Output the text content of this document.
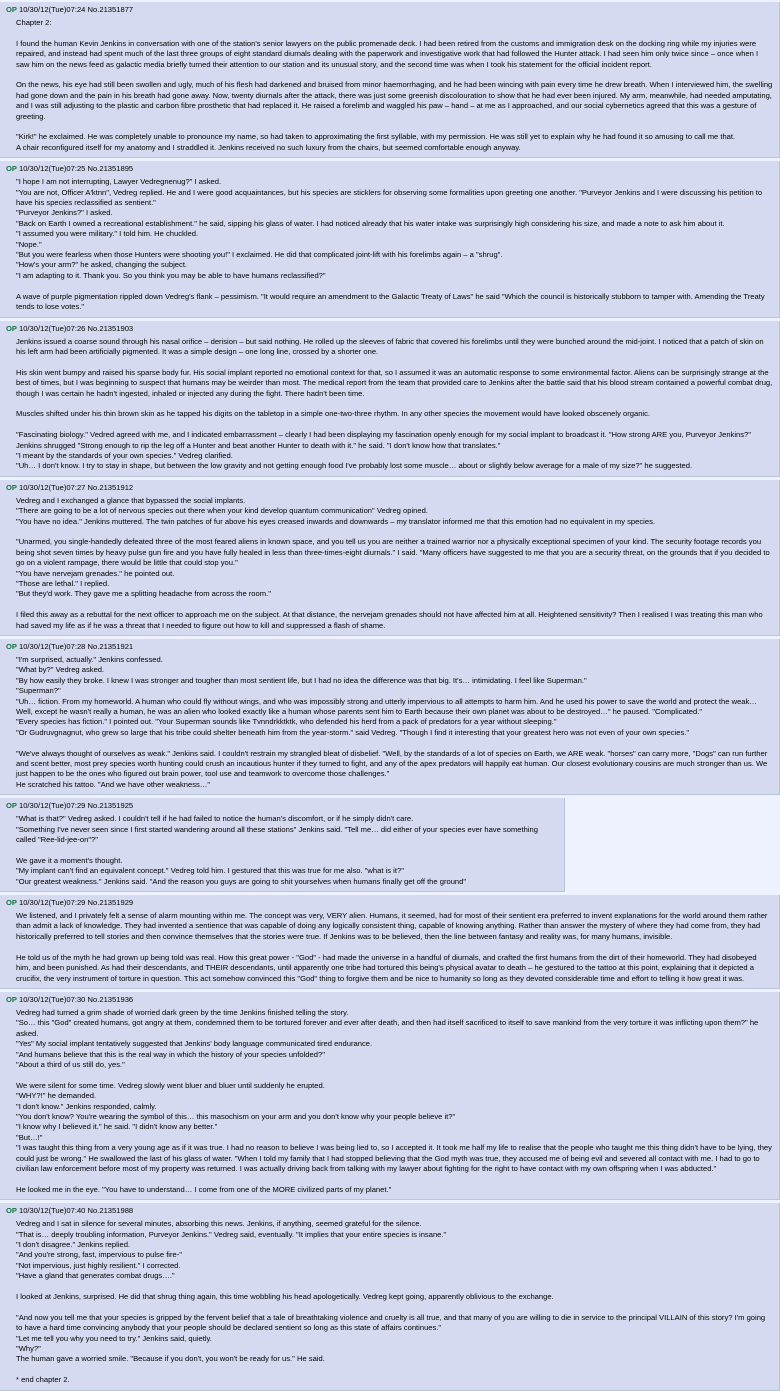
OP 10/30/12(Tue)07:24 No.21351877
Chapter 2:
I found the human Kevin Jenkins in conversation with one of the station's senior lawyers on the public promenade deck. I had been retired from the customs and immigration desk on the docking ring while my injuries were repaired, and instead had spent much of the last three groups of eight standard diurnals dealing with the paperwork and investigative work that had followed the Hunter attack. I had seen him only twice since – once when I saw him on the news feed as galactic media briefly turned their attention to our station and its unusual story, and the second time was when I took his statement for the official incident report.
On the news, his eye had still been swollen and ugly, much of his flesh had darkened and bruised from minor haemorrhaging, and he had been wincing with pain every time he drew breath. When I interviewed him, the swelling had gone down and the pain in his breath had gone away. Now, twenty diurnals after the attack, there was just some greenish discolouration to show that he had ever been injured. My arm, meanwhile, had needed amputating, and I was still adjusting to the plastic and carbon fibre prosthetic that had replaced it. He raised a forelimb and waggled his paw – hand – at me as I approached, and our social cybernetics agreed that this was a gesture of greeting.
"Kirk!" he exclaimed. He was completely unable to pronounce my name, so had taken to approximating the first syllable, with my permission. He was still yet to explain why he had found it so amusing to call me that.
A chair reconfigured itself for my anatomy and I straddled it. Jenkins received no such luxury from the chairs, but seemed comfortable enough anyway.
OP 10/30/12(Tue)07:25 No.21351895
"I hope I am not interrupting, Lawyer Vedregnenug?" I asked.
"You are not, Officer A'ktnn", Vedreg replied. He and I were good acquaintances, but his species are sticklers for observing some formalities upon greeting one another. "Purveyor Jenkins and I were discussing his petition to have his species reclassified as sentient."
"Purveyor Jenkins?" I asked.
"Back on Earth I owned a recreational establishment." he said, sipping his glass of water. I had noticed already that his water intake was surprisingly high considering his size, and made a note to ask him about it.
"I assumed you were military." I told him. He chuckled.
"Nope."
"But you were fearless when those Hunters were shooting you!" I exclaimed. He did that complicated joint-lift with his forelimbs again – a "shrug".
"How's your arm?" he asked, changing the subject.
"I am adapting to it. Thank you. So you think you may be able to have humans reclassified?"
A wave of purple pigmentation rippled down Vedreg's flank – pessimism. "It would require an amendment to the Galactic Treaty of Laws" he said "Which the council is historically stubborn to tamper with. Amending the Treaty tends to lose votes."
OP 10/30/12(Tue)07:26 No.21351903
Jenkins issued a coarse sound through his nasal orifice – derision – but said nothing. He rolled up the sleeves of fabric that covered his forelimbs until they were bunched around the mid-joint. I noticed that a patch of skin on his left arm had been artificially pigmented. It was a simple design – one long line, crossed by a shorter one.
His skin went bumpy and raised his sparse body fur. His social implant reported no emotional context for that, so I assumed it was an automatic response to some environmental factor. Aliens can be surprisingly strange at the best of times, but I was beginning to suspect that humans may be weirder than most. The medical report from the team that provided care to Jenkins after the battle said that his blood stream contained a powerful combat drug, though I was certain he hadn't ingested, inhaled or injected any during the fight. There hadn't been time.
Muscles shifted under his thin brown skin as he tapped his digits on the tabletop in a simple one-two-three rhythm. In any other species the movement would have looked obscenely organic.
"Fascinating biology." Vedred agreed with me, and I indicated embarrassment – clearly I had been displaying my fascination openly enough for my social implant to broadcast it. "How strong ARE you, Purveyor Jenkins?"
Jenkins shrugged "Strong enough to rip the leg off a Hunter and beat another Hunter to death with it." he said. "I don't know how that translates."
"I meant by the standards of your own species." Vedreg clarified.
"Uh… I don't know. I try to stay in shape, but between the low gravity and not getting enough food I've probably lost some muscle… about or slightly below average for a male of my size?" he suggested.
OP 10/30/12(Tue)07:27 No.21351912
Vedreg and I exchanged a glance that bypassed the social implants.
"There are going to be a lot of nervous species out there when your kind develop quantum communication" Vedreg opined.
"You have no idea." Jenkins muttered. The twin patches of fur above his eyes creased inwards and downwards – my translator informed me that this emotion had no equivalent in my species.
"Unarmed, you single-handedly defeated three of the most feared aliens in known space, and you tell us you are neither a trained warrior nor a physically exceptional specimen of your kind. The security footage records you being shot seven times by heavy pulse gun fire and you have fully healed in less than three-times-eight diurnals." I said. "Many officers have suggested to me that you are a security threat, on the grounds that if you decided to go on a violent rampage, there would be little that could stop you."
"You have nervejam grenades." he pointed out.
"Those are lethal." I replied.
"But they'd work. They gave me a splitting headache from across the room."
I filed this away as a rebuttal for the next officer to approach me on the subject. At that distance, the nervejam grenades should not have affected him at all. Heightened sensitivity? Then I realised I was treating this man who had saved my life as if he was a threat that I needed to figure out how to kill and suppressed a flash of shame.
OP 10/30/12(Tue)07:28 No.21351921
"I'm surprised, actually." Jenkins confessed.
"What by?" Vedreg asked.
"By how easily they broke. I knew I was stronger and tougher than most sentient life, but I had no idea the difference was that big. It's… intimidating. I feel like Superman."
"Superman?"
"Uh… fiction. From my homeworld. A human who could fly without wings, and who was impossibly strong and utterly impervious to all attempts to harm him. And he used his power to save the world and protect the weak… Well, except he wasn't really a human, he was an alien who looked exactly like a human whose parents sent him to Earth because their own planet was about to be destroyed…" he paused. "Complicated."
"Every species has fiction." I pointed out. "Your Superman sounds like Tvnndrkktktk, who defended his herd from a pack of predators for a year without sleeping."
"Or Gudruvgnagnut, who grew so large that his tribe could shelter beneath him from the year-storm." said Vedreg. "Though I find it interesting that your greatest hero was not even of your own species."
"We've always thought of ourselves as weak." Jenkins said. I couldn't restrain my strangled bleat of disbelief. "Well, by the standards of a lot of species on Earth, we ARE weak. "horses" can carry more, "Dogs" can run further and scent better, most prey species worth hunting could crush an incautious hunter if they turned to fight, and any of the apex predators will happily eat human. Our closest evolutionary cousins are much stronger than us. We just happen to be the ones who figured out brain power, tool use and teamwork to overcome those challenges."
He scratched his tattoo. "And we have other weakness…"
OP 10/30/12(Tue)07:29 No.21351925
"What is that?" Vedreg asked. I couldn't tell if he had failed to notice the human's discomfort, or if he simply didn't care.
"Something I've never seen since I first started wandering around all these stations" Jenkins said. "Tell me… did either of your species ever have something called "Ree-lid-jee-on"?"
We gave it a moment's thought.
"My implant can't find an equivalent concept." Vedreg told him. I gestured that this was true for me also. "what is it?"
"Our greatest weakness." Jenkins said. "And the reason you guys are going to shit yourselves when humans finally get off the ground"
OP 10/30/12(Tue)07:29 No.21351929
We listened, and I privately felt a sense of alarm mounting within me. The concept was very, VERY alien. Humans, it seemed, had for most of their sentient era preferred to invent explanations for the world around them rather than admit a lack of knowledge. They had invented a sentience that was capable of doing any logically consistent thing, capable of knowing anything. Rather than answer the mystery of where they had come from, they had historically preferred to tell stories and then convince themselves that the stories were true. If Jenkins was to be believed, then the line between fantasy and reality was, for many humans, invisible.
He told us of the myth he had grown up being told was real. How this great power - "God" - had made the universe in a handful of diurnals, and crafted the first humans from the dirt of their homeworld. They had disobeyed him, and been punished. As had their descendants, and THEIR descendants, until apparently one tribe had tortured this being's physical avatar to death – he gestured to the tattoo at this point, explaining that it depicted a crucifix, the very instrument of torture in question. This act somehow convinced this "God" thing to forgive them and be nice to humanity so long as they devoted considerable time and effort to telling it how great it was.
OP 10/30/12(Tue)07:30 No.21351936
Vedreg had turned a grim shade of worried dark green by the time Jenkins finished telling the story.
"So… this "God" created humans, got angry at them, condemned them to be tortured forever and ever after death, and then had itself sacrificed to itself to save mankind from the very torture it was inflicting upon them?" he asked.
"Yes" My social implant tentatively suggested that Jenkins' body language communicated tired endurance.
"And humans believe that this is the real way in which the history of your species unfolded?"
"About a third of us still do, yes."
We were silent for some time. Vedreg slowly went bluer and bluer until suddenly he erupted.
"WHY?!" he demanded.
"I don't know." Jenkins responded, calmly.
"You don't know? You're wearing the symbol of this… this masochism on your arm and you don't know why your people believe it?"
"I know why I believed it." he said. "I didn't know any better."
"But…!"
"I was taught this thing from a very young age as if it was true. I had no reason to believe I was being lied to, so I accepted it. It took me half my life to realise that the people who taught me this thing didn't have to be lying, they could just be wrong." He swallowed the last of his glass of water. "When I told my family that I had stopped believing that the God myth was true, they accused me of being evil and severed all contact with me. I had to go to civilian law enforcement before most of my property was returned. I was actually driving back from talking with my lawyer about fighting for the right to have contact with my own offspring when I was abducted."
He looked me in the eye. "You have to understand… I come from one of the MORE civilized parts of my planet."
OP 10/30/12(Tue)07:40 No.21351988
Vedreg and I sat in silence for several minutes, absorbing this news. Jenkins, if anything, seemed grateful for the silence.
"That is… deeply troubling information, Purveyor Jenkins." Vedreg said, eventually. "It implies that your entire species is insane."
"I don't disagree." Jenkins replied.
"And you're strong, fast, impervious to pulse fire-"
"Not impervious, just highly resilient." I corrected.
"Have a gland that generates combat drugs…."
I looked at Jenkins, surprised. He did that shrug thing again, this time wobbling his head apologetically. Vedreg kept going, apparently oblivious to the exchange.
"And now you tell me that your species is gripped by the fervent belief that a tale of breathtaking violence and cruelty is all true, and that many of you are willing to die in service to the principal VILLAIN of this story? I'm going to have a hard time convincing anybody that your people should be declared sentient so long as this state of affairs continues."
"Let me tell you why you need to try." Jenkins said, quietly.
"Why?"
The human gave a worried smile. "Because if you don't, you won't be ready for us." He said.
* end chapter 2.
